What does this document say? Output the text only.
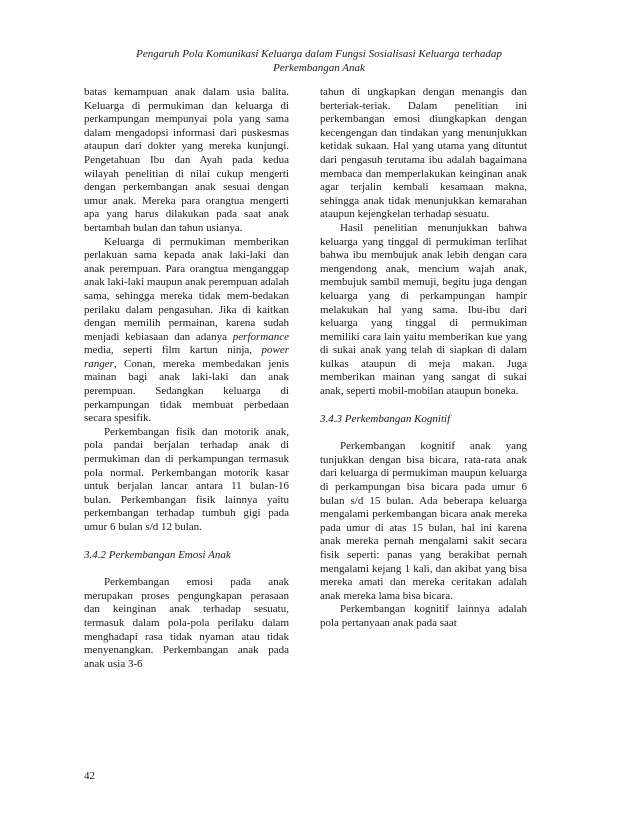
Pengaruh Pola Komunikasi Keluarga dalam Fungsi Sosialisasi Keluarga terhadap
Perkembangan Anak

batas kemampuan anak dalam usia balita. Keluarga di permukiman dan keluarga di perkampungan mempunyai pola yang sama dalam mengadopsi informasi dari puskesmas ataupun dari dokter yang mereka kunjungi. Pengetahuan Ibu dan Ayah pada kedua wilayah penelitian di nilai cukup mengerti dengan perkembangan anak sesuai dengan umur anak. Mereka para orangtua mengerti apa yang harus dilakukan pada saat anak bertambah bulan dan tahun usianya.

Keluarga di permukiman memberikan perlakuan sama kepada anak laki-laki dan anak perempuan. Para orangtua menganggap anak laki-laki maupun anak perempuan adalah sama, sehingga mereka tidak mem-bedakan perilaku dalam pengasuhan. Jika di kaitkan dengan memilih permainan, karena sudah menjadi kebiasaan dan adanya performance media, seperti film kartun ninja, power ranger, Conan, mereka membedakan jenis mainan bagi anak laki-laki dan anak perempuan. Sedangkan keluarga di perkampungan tidak membuat perbedaan secara spesifik.

Perkembangan fisik dan motorik anak, pola pandai berjalan terhadap anak di permukiman dan di perkampungan termasuk pola normal. Perkembangan motorik kasar untuk berjalan lancar antara 11 bulan-16 bulan. Perkembangan fisik lainnya yaitu perkembangan terhadap tumbuh gigi pada umur 6 bulan s/d 12 bulan.

3.4.2 Perkembangan Emosi Anak

Perkembangan emosi pada anak merupakan proses pengungkapan perasaan dan keinginan anak terhadap sesuatu, termasuk dalam pola-pola perilaku dalam menghadapi rasa tidak nyaman atau tidak menyenangkan. Perkembangan anak pada anak usia 3-6

tahun di ungkapkan dengan menangis dan berteriak-teriak. Dalam penelitian ini perkembangan emosi diungkapkan dengan kecengengan dan tindakan yang menunjukkan ketidak sukaan. Hal yang utama yang dituntut dari pengasuh terutama ibu adalah bagaimana membaca dan memperlakukan keinginan anak agar terjalin kembali kesamaan makna, sehingga anak tidak menunjukkan kemarahan ataupun kejengkelan terhadap sesuatu.

Hasil penelitian menunjukkan bahwa keluarga yang tinggal di permukiman terlihat bahwa ibu membujuk anak lebih dengan cara mengendong anak, mencium wajah anak, membujuk sambil memuji, begitu juga dengan keluarga yang di perkampungan hampir melakukan hal yang sama. Ibu-ibu dari keluarga yang tinggal di permukiman memiliki cara lain yaitu memberikan kue yang di sukai anak yang telah di siapkan di dalam kulkas ataupun di meja makan. Juga memberikan mainan yang sangat di sukai anak, seperti mobil-mobilan ataupun boneka.

3.4.3 Perkembangan Kognitif

Perkembangan kognitif anak yang tunjukkan dengan bisa bicara, rata-rata anak dari keluarga di permukiman maupun keluarga di perkampungan bisa bicara pada umur 6 bulan s/d 15 bulan. Ada beberapa keluarga mengalami perkembangan bicara anak mereka pada umur di atas 15 bulan, hal ini karena anak mereka pernah mengalami sakit secara fisik seperti: panas yang berakibat pernah mengalami kejang 1 kali, dan akibat yang bisa mereka amati dan mereka ceritakan adalah anak mereka lama bisa bicara.

Perkembangan kognitif lainnya adalah pola pertanyaan anak pada saat

42
